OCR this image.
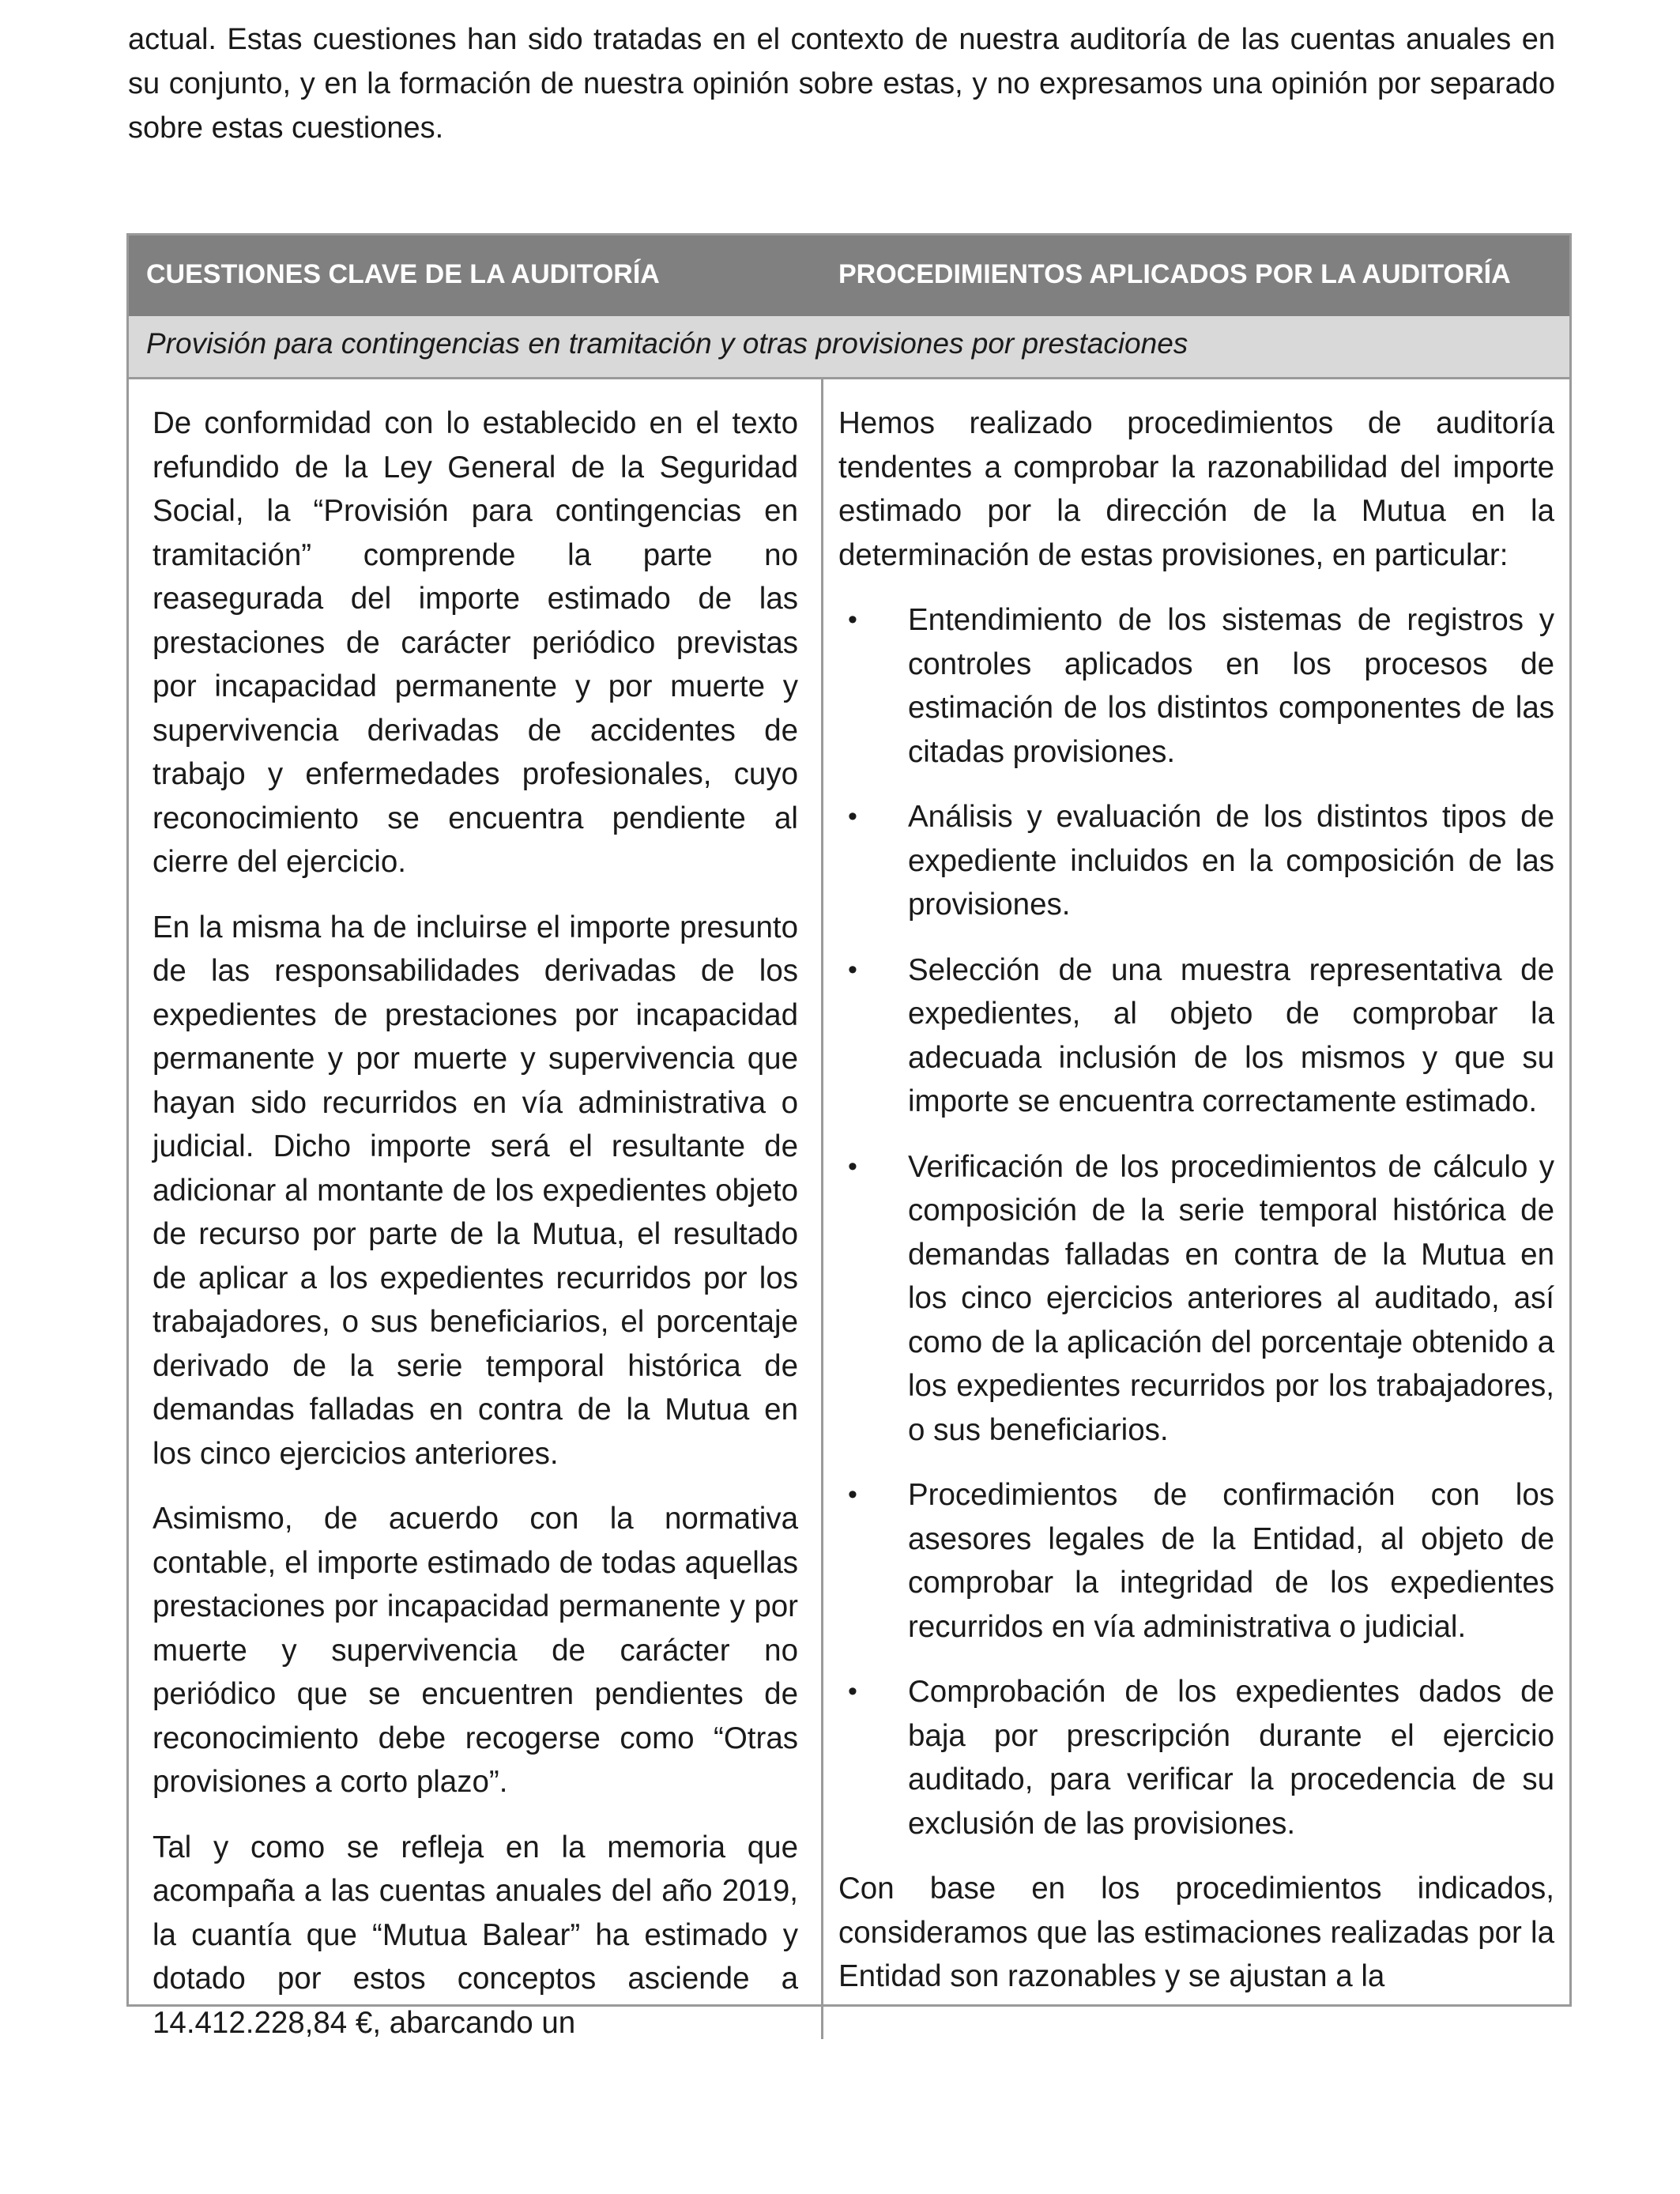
actual. Estas cuestiones han sido tratadas en el contexto de nuestra auditoría de las cuentas anuales en su conjunto, y en la formación de nuestra opinión sobre estas, y no expresamos una opinión por separado sobre estas cuestiones.

CUESTIONES CLAVE DE LA AUDITORÍA	PROCEDIMIENTOS APLICADOS POR LA AUDITORÍA
Provisión para contingencias en tramitación y otras provisiones por prestaciones

De conformidad con lo establecido en el texto refundido de la Ley General de la Seguridad Social, la “Provisión para contingencias en tramitación” comprende la parte no reasegurada del importe estimado de las prestaciones de carácter periódico previstas por incapacidad permanente y por muerte y supervivencia derivadas de accidentes de trabajo y enfermedades profesionales, cuyo reconocimiento se encuentra pendiente al cierre del ejercicio.

En la misma ha de incluirse el importe presunto de las responsabilidades derivadas de los expedientes de prestaciones por incapacidad permanente y por muerte y supervivencia que hayan sido recurridos en vía administrativa o judicial. Dicho importe será el resultante de adicionar al montante de los expedientes objeto de recurso por parte de la Mutua, el resultado de aplicar a los expedientes recurridos por los trabajadores, o sus beneficiarios, el porcentaje derivado de la serie temporal histórica de demandas falladas en contra de la Mutua en los cinco ejercicios anteriores.

Asimismo, de acuerdo con la normativa contable, el importe estimado de todas aquellas prestaciones por incapacidad permanente y por muerte y supervivencia de carácter no periódico que se encuentren pendientes de reconocimiento debe recogerse como “Otras provisiones a corto plazo”.

Tal y como se refleja en la memoria que acompaña a las cuentas anuales del año 2019, la cuantía que “Mutua Balear” ha estimado y dotado por estos conceptos asciende a 14.412.228,84 €, abarcando un

Hemos realizado procedimientos de auditoría tendentes a comprobar la razonabilidad del importe estimado por la dirección de la Mutua en la determinación de estas provisiones, en particular:

• Entendimiento de los sistemas de registros y controles aplicados en los procesos de estimación de los distintos componentes de las citadas provisiones.
• Análisis y evaluación de los distintos tipos de expediente incluidos en la composición de las provisiones.
• Selección de una muestra representativa de expedientes, al objeto de comprobar la adecuada inclusión de los mismos y que su importe se encuentra correctamente estimado.
• Verificación de los procedimientos de cálculo y composición de la serie temporal histórica de demandas falladas en contra de la Mutua en los cinco ejercicios anteriores al auditado, así como de la aplicación del porcentaje obtenido a los expedientes recurridos por los trabajadores, o sus beneficiarios.
• Procedimientos de confirmación con los asesores legales de la Entidad, al objeto de comprobar la integridad de los expedientes recurridos en vía administrativa o judicial.
• Comprobación de los expedientes dados de baja por prescripción durante el ejercicio auditado, para verificar la procedencia de su exclusión de las provisiones.

Con base en los procedimientos indicados, consideramos que las estimaciones realizadas por la Entidad son razonables y se ajustan a la
